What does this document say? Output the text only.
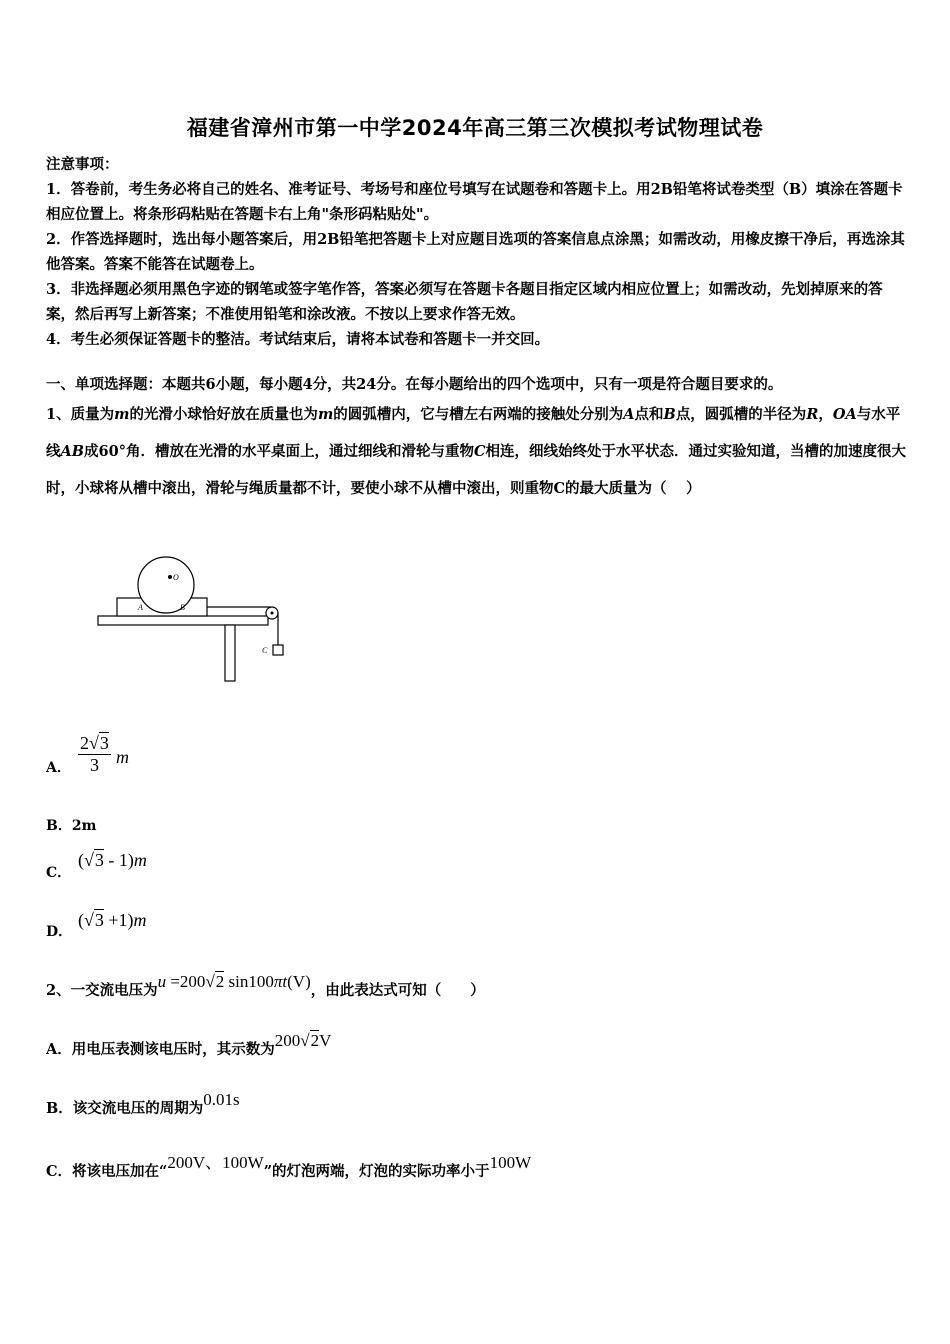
福建省漳州市第一中学2024年高三第三次模拟考试物理试卷

注意事项：

1．答卷前，考生务必将自己的姓名、准考证号、考场号和座位号填写在试题卷和答题卡上。用2B铅笔将试卷类型（B）填涂在答题卡相应位置上。将条形码粘贴在答题卡右上角"条形码粘贴处"。

2．作答选择题时，选出每小题答案后，用2B铅笔把答题卡上对应题目选项的答案信息点涂黑；如需改动，用橡皮擦干净后，再选涂其他答案。答案不能答在试题卷上。

3．非选择题必须用黑色字迹的钢笔或签字笔作答，答案必须写在答题卡各题目指定区域内相应位置上；如需改动，先划掉原来的答案，然后再写上新答案；不准使用铅笔和涂改液。不按以上要求作答无效。

4．考生必须保证答题卡的整洁。考试结束后，请将本试卷和答题卡一并交回。

一、单项选择题：本题共6小题，每小题4分，共24分。在每小题给出的四个选项中，只有一项是符合题目要求的。
1、质量为m的光滑小球恰好放在质量也为m的圆弧槽内，它与槽左右两端的接触处分别为A点和B点，圆弧槽的半径为R，OA与水平线AB成60°角．槽放在光滑的水平桌面上，通过细线和滑轮与重物C相连，细线始终处于水平状态．通过实验知道，当槽的加速度很大时，小球将从槽中滚出，滑轮与绳质量都不计，要使小球不从槽中滚出，则重物C的最大质量为（　 ）
O
A	B
C
A． $\frac{2√3}{3}$ m
B．2m
C．
(√3 - 1)m
D．
(√3 +1)m
2、一交流电压为u =200√2 sin100πt(V)，由此表达式可知（　　）
A．用电压表测该电压时，其示数为200√2V
B．该交流电压的周期为0.01s
C．将该电压加在“200V、100W”的灯泡两端，灯泡的实际功率小于100W
